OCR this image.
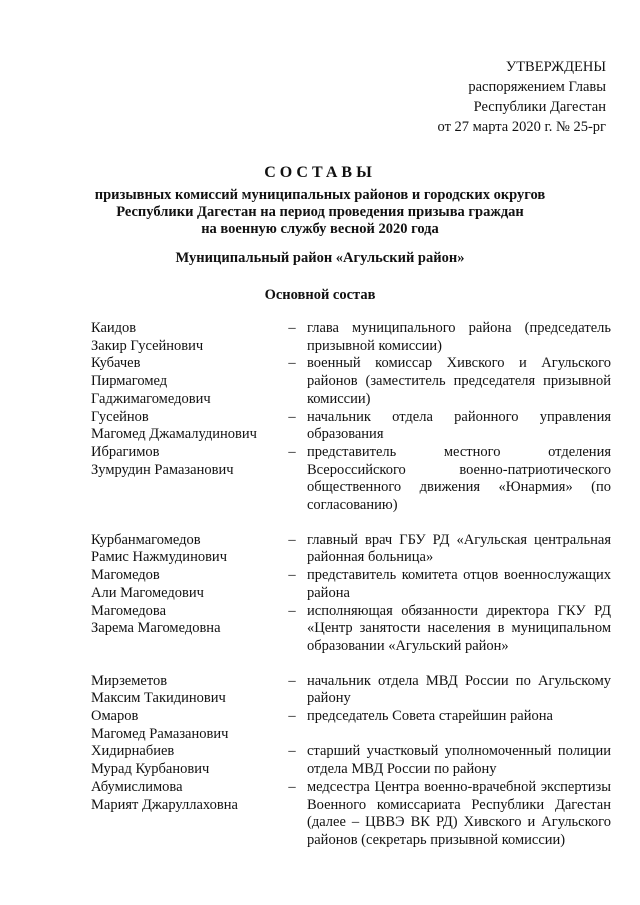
УТВЕРЖДЕНЫ
распоряжением Главы
Республики Дагестан
от 27 марта 2020 г. № 25-рг
СОСТАВЫ
призывных комиссий муниципальных районов и городских округов
Республики Дагестан на период проведения призыва граждан
на военную службу весной 2020 года
Муниципальный район «Агульский район»
Основной состав
Каидов
Закир Гусейнович
– глава муниципального района (председатель призывной комиссии)
Кубачев
Пирмагомед
Гаджимагомедович
– военный комиссар Хивского и Агульского районов (заместитель председателя призывной комиссии)
Гусейнов
Магомед Джамалудинович
– начальник отдела районного управления образования
Ибрагимов
Зумрудин Рамазанович
– представитель местного отделения Всероссийского военно-патриотического общественного движения «Юнармия» (по согласованию)
Курбанмагомедов
Рамис Нажмудинович
– главный врач ГБУ РД «Агульская центральная районная больница»
Магомедов
Али Магомедович
– представитель комитета отцов военнослужащих района
Магомедова
Зарема Магомедовна
– исполняющая обязанности директора ГКУ РД «Центр занятости населения в муниципальном образовании «Агульский район»
Мирземетов
Максим Такидинович
– начальник отдела МВД России по Агульскому району
Омаров
Магомед Рамазанович
– председатель Совета старейшин района
Хидирнабиев
Мурад Курбанович
– старший участковый уполномоченный полиции отдела МВД России по району
Абумислимова
Марият Джаруллаховна
– медсестра Центра военно-врачебной экспертизы Военного комиссариата Республики Дагестан (далее – ЦВВЭ ВК РД) Хивского и Агульского районов (секретарь призывной комиссии)
